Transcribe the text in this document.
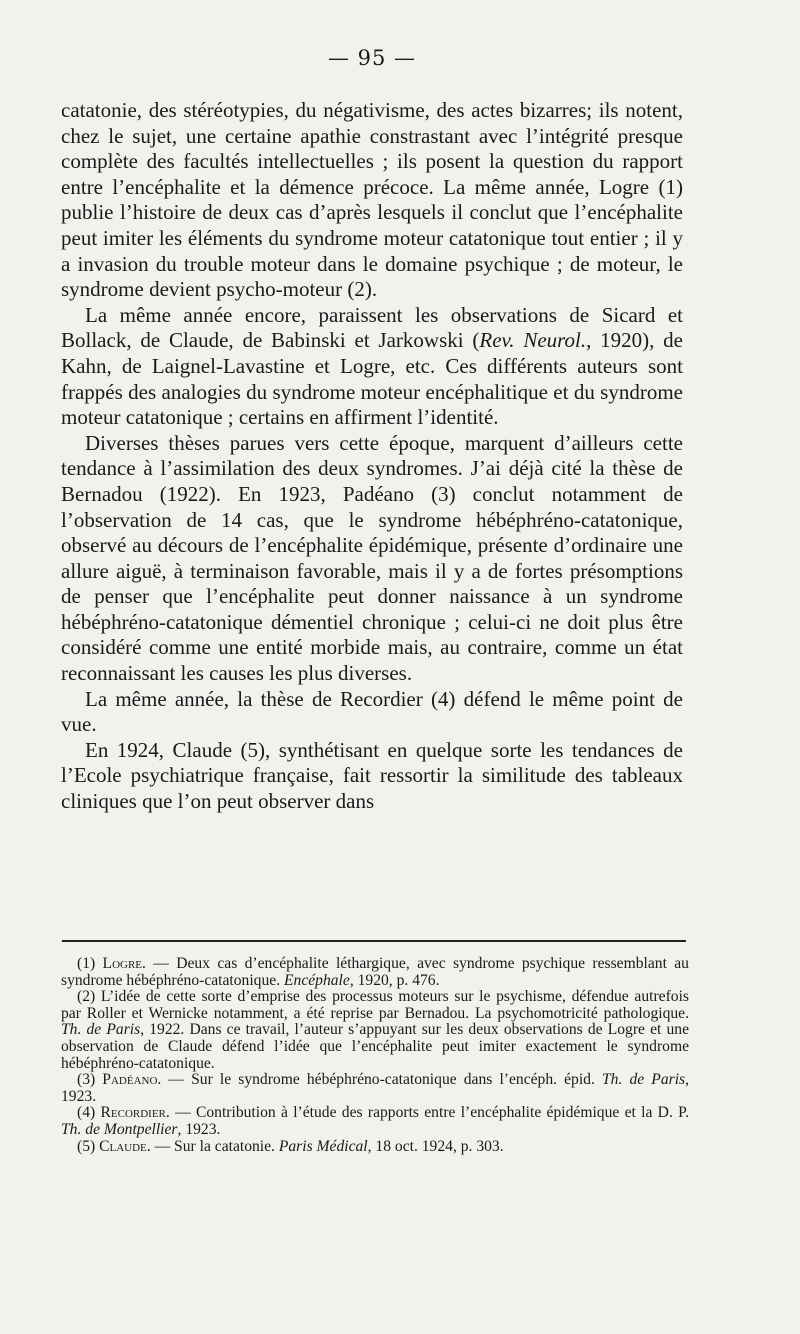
— 95 —

catatonie, des stéréotypies, du négativisme, des actes bizarres; ils notent, chez le sujet, une certaine apathie constrastant avec l’intégrité presque complète des facultés intellectuelles ; ils posent la question du rapport entre l’encéphalite et la démence précoce. La même année, Logre (1) publie l’histoire de deux cas d’après lesquels il conclut que l’encéphalite peut imiter les éléments du syndrome moteur catatonique tout entier ; il y a invasion du trouble moteur dans le domaine psychique ; de moteur, le syndrome devient psycho-moteur (2).

La même année encore, paraissent les observations de Sicard et Bollack, de Claude, de Babinski et Jarkowski (Rev. Neurol., 1920), de Kahn, de Laignel-Lavastine et Logre, etc. Ces différents auteurs sont frappés des analogies du syndrome moteur encéphalitique et du syndrome moteur catatonique ; certains en affirment l’identité.

Diverses thèses parues vers cette époque, marquent d’ailleurs cette tendance à l’assimilation des deux syndromes. J’ai déjà cité la thèse de Bernadou (1922). En 1923, Padéano (3) conclut notamment de l’observation de 14 cas, que le syndrome hébéphréno-catatonique, observé au décours de l’encéphalite épidémique, présente d’ordinaire une allure aiguë, à terminaison favorable, mais il y a de fortes présomptions de penser que l’encéphalite peut donner naissance à un syndrome hébéphréno-catatonique démentiel chronique ; celui-ci ne doit plus être considéré comme une entité morbide mais, au contraire, comme un état reconnaissant les causes les plus diverses.

La même année, la thèse de Recordier (4) défend le même point de vue.

En 1924, Claude (5), synthétisant en quelque sorte les tendances de l’Ecole psychiatrique française, fait ressortir la similitude des tableaux cliniques que l’on peut observer dans

(1) Logre. — Deux cas d’encéphalite léthargique, avec syndrome psychique ressemblant au syndrome hébéphréno-catatonique. Encéphale, 1920, p. 476.

(2) L’idée de cette sorte d’emprise des processus moteurs sur le psychisme, défendue autrefois par Roller et Wernicke notamment, a été reprise par Bernadou. La psychomotricité pathologique. Th. de Paris, 1922. Dans ce travail, l’auteur s’appuyant sur les deux observations de Logre et une observation de Claude défend l’idée que l’encéphalite peut imiter exactement le syndrome hébéphréno-catatonique.

(3) Padéano. — Sur le syndrome hébéphréno-catatonique dans l’encéph. épid. Th. de Paris, 1923.

(4) Recordier. — Contribution à l’étude des rapports entre l’encéphalite épidémique et la D. P. Th. de Montpellier, 1923.

(5) Claude. — Sur la catatonie. Paris Médical, 18 oct. 1924, p. 303.
